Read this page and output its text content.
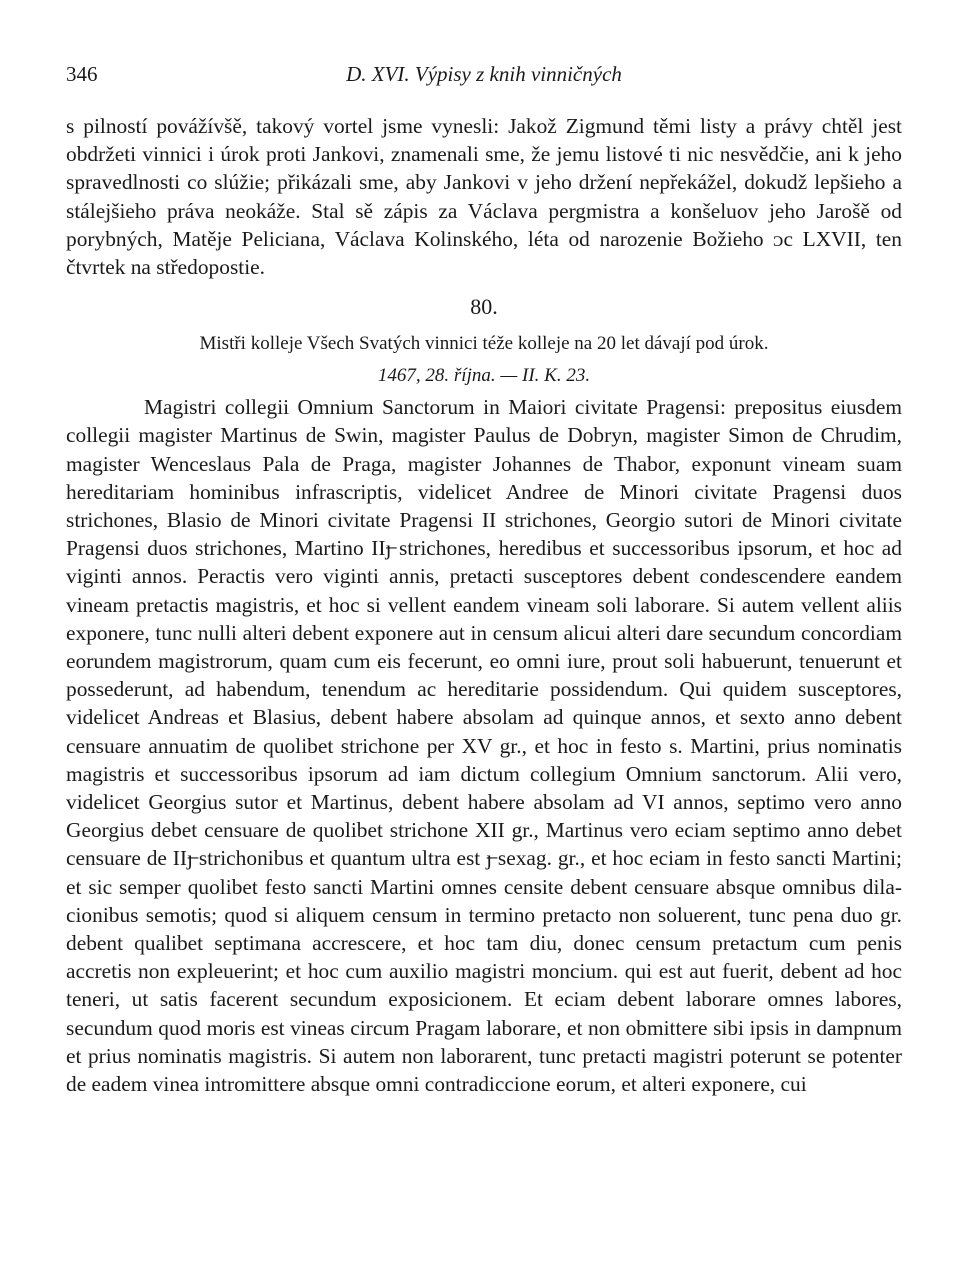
346	D. XVI. Výpisy z knih vinničných

s pilností povážívšě, takový vortel jsme vynesli: Jakož Zigmund těmi listy a právy chtěl jest obdržeti vinnici i úrok proti Jankovi, znamenali sme, že jemu listové ti nic nesvědčie, ani k jeho spravedlnosti co slúžie; přikázali sme, aby Jankovi v jeho držení nepřekážel, dokudž lepšieho a stálejšieho práva neokáže. Stal sě zápis za Václava pergmistra a konšeluov jeho Jarošě od porybných, Matěje Peliciana, Václava Kolinského, léta od narozenie Božieho ᴐc LXVII, ten čtvrtek na středopostie.

80.
Mistři kolleje Všech Svatých vinnici téže kolleje na 20 let dávají pod úrok.
1467, 28. října. — II. K. 23.

Magistri collegii Omnium Sanctorum in Maiori civitate Pragensi: prepositus eiusdem collegii magister Martinus de Swin, magister Paulus de Dobryn, magister Simon de Chrudim, magister Wenceslaus Pala de Praga, magister Johannes de Thabor, exponunt vineam suam hereditariam hominibus infrascriptis, videlicet Andree de Minori civitate Pragensi duos strichones, Blasio de Minori civitate Pragensi II strichones, Georgio sutori de Minori civitate Pragensi duos strichones, Martino IIȷ̶ strichones, heredibus et successoribus ipsorum, et hoc ad viginti annos. Peractis vero viginti annis, pretacti susceptores debent condescendere eandem vineam pretactis magistris, et hoc si vellent eandem vineam soli laborare. Si autem vellent aliis exponere, tunc nulli alteri debent exponere aut in censum alicui alteri dare secundum concordiam eorundem magistrorum, quam cum eis fecerunt, eo omni iure, prout soli habuerunt, tenuerunt et possederunt, ad habendum, tenendum ac hereditarie possidendum. Qui quidem susceptores, videlicet Andreas et Blasius, debent habere absolam ad quinque annos, et sexto anno debent censuare annuatim de quolibet strichone per XV gr., et hoc in festo s. Martini, prius nominatis magistris et successoribus ipsorum ad iam dictum collegium Omnium sanctorum. Alii vero, videlicet Georgius sutor et Martinus, debent habere absolam ad VI annos, septimo vero anno Georgius debet censuare de quolibet strichone XII gr., Martinus vero eciam septimo anno debet censuare de IIȷ̶ strichonibus et quantum ultra est ȷ̶ sexag. gr., et hoc eciam in festo sancti Martini; et sic semper quolibet festo sancti Martini omnes censite debent censuare absque omnibus dilacionibus semotis; quod si aliquem censum in termino pretacto non soluerent, tunc pena duo gr. debent qualibet septimana accrescere, et hoc tam diu, donec censum pretactum cum penis accretis non expleuerint; et hoc cum auxilio magistri moncium. qui est aut fuerit, debent ad hoc teneri, ut satis facerent secundum exposicionem. Et eciam debent laborare omnes labores, secundum quod moris est vineas circum Pragam laborare, et non obmittere sibi ipsis in dampnum et prius nominatis magistris. Si autem non laborarent, tunc pretacti magistri poterunt se potenter de eadem vinea intromittere absque omni contradiccione eorum, et alteri exponere, cui
